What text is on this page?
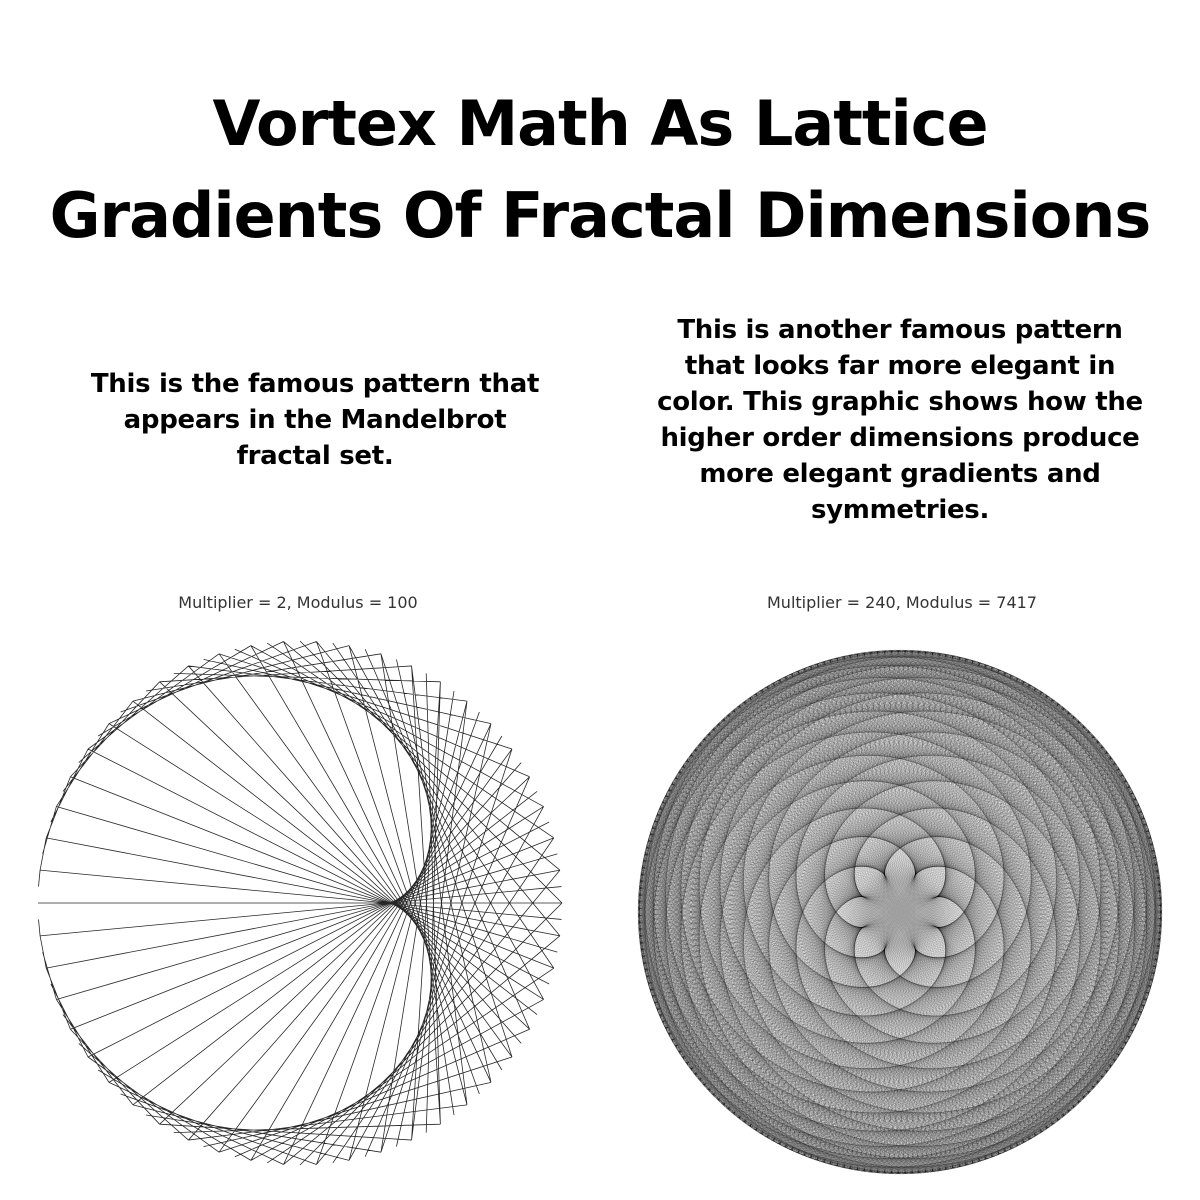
Vortex Math As Lattice
Gradients Of Fractal Dimensions
This is the famous pattern that appears in the Mandelbrot fractal set.
This is another famous pattern that looks far more elegant in color. This graphic shows how the higher order dimensions produce more elegant gradients and symmetries.
Multiplier = 2, Modulus = 100	Multiplier = 240, Modulus = 7417
